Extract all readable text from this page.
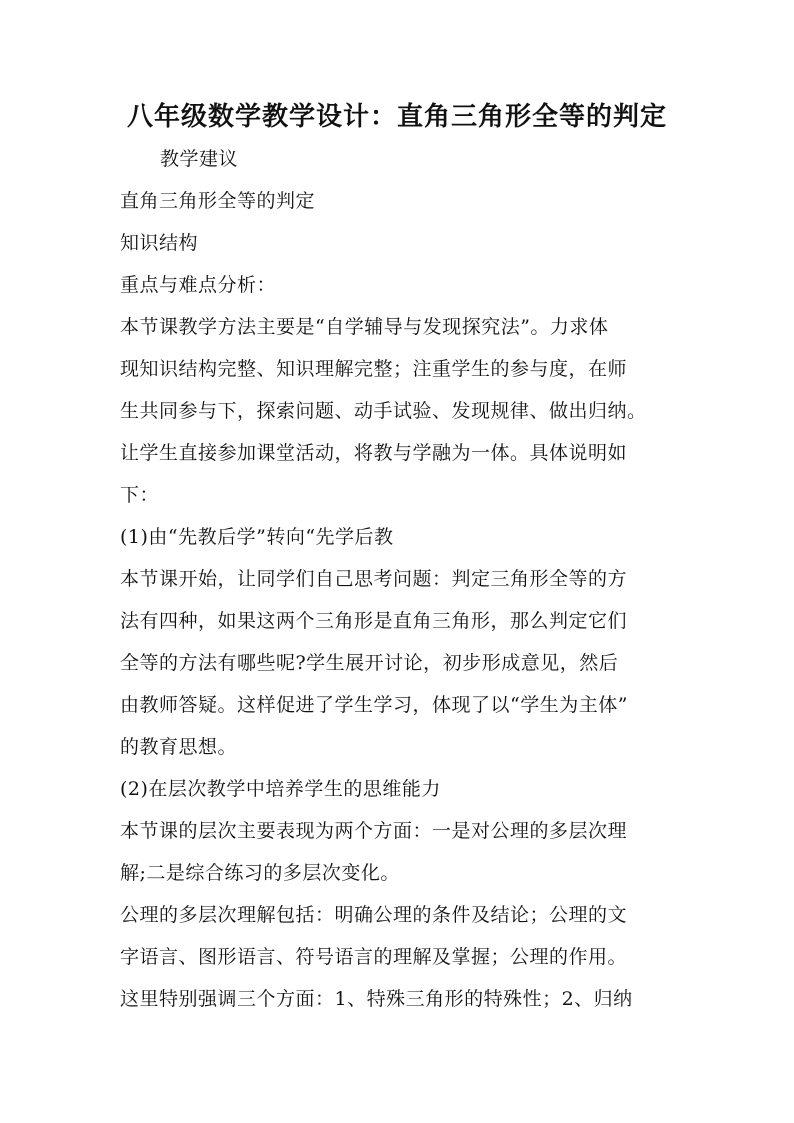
八年级数学教学设计：直角三角形全等的判定
教学建议
直角三角形全等的判定
知识结构
重点与难点分析：
本节课教学方法主要是“自学辅导与发现探究法”。力求体
现知识结构完整、知识理解完整；注重学生的参与度，在师
生共同参与下，探索问题、动手试验、发现规律、做出归纳。
让学生直接参加课堂活动，将教与学融为一体。具体说明如
下：
(1)由“先教后学”转向“先学后教
本节课开始，让同学们自己思考问题：判定三角形全等的方
法有四种，如果这两个三角形是直角三角形，那么判定它们
全等的方法有哪些呢?学生展开讨论，初步形成意见，然后
由教师答疑。这样促进了学生学习，体现了以“学生为主体”
的教育思想。
(2)在层次教学中培养学生的思维能力
本节课的层次主要表现为两个方面：一是对公理的多层次理
解;二是综合练习的多层次变化。
公理的多层次理解包括：明确公理的条件及结论；公理的文
字语言、图形语言、符号语言的理解及掌握；公理的作用。
这里特别强调三个方面：1、特殊三角形的特殊性；2、归纳
